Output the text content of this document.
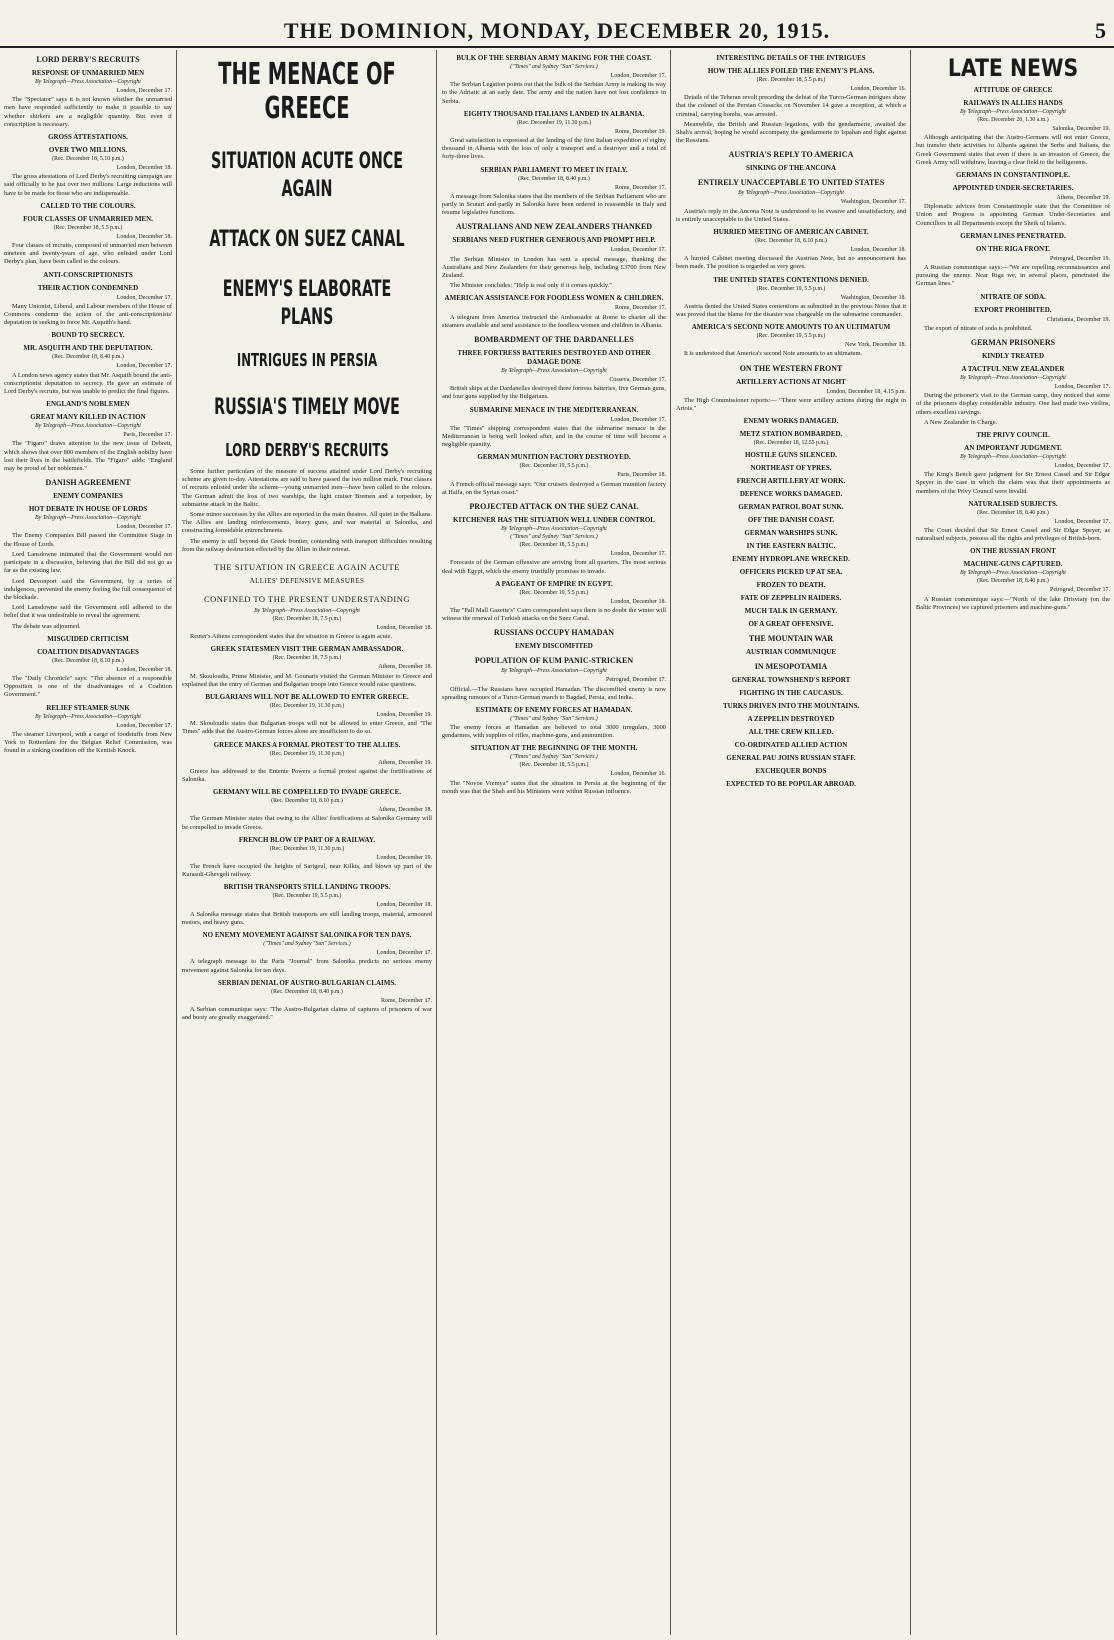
THE DOMINION, MONDAY, DECEMBER 20, 1915.	5
LORD DERBY'S RECRUITS
RESPONSE OF UNMARRIED MEN
By Telegraph—Press Association—Copyright
London, December 17.

The "Spectator" says it is not known whether the unmarried men have responded sufficiently to make it possible to say whether shirkers are a negligible quantity. But even if conscription is necessary.

GROSS ATTESTATIONS.
OVER TWO MILLIONS.
(Rec. December 18, 5.10 p.m.)
London, December 18.

The gross attestations of Lord Derby's recruiting campaign are said officially to be just over two millions. Large reductions will have to be made for those who are indispensable.

CALLED TO THE COLOURS.
FOUR CLASSES OF UNMARRIED MEN.
(Rec. December 18, 5.5 p.m.)
London, December 18.

Four classes of recruits, composed of unmarried men between nineteen and twenty-years of age, who enlisted under Lord Derby's plan, have been called to the colours.

ANTI-CONSCRIPTIONISTS
THEIR ACTION CONDEMNED
London, December 17.

Many Unionist, Liberal, and Labour members of the House of Commons condemn the action of the anti-conscriptionists' deputation in seeking to force Mr. Asquith's hand.

BOUND TO SECRECY.
MR. ASQUITH AND THE DEPUTATION.
(Rec. December 18, 8.40 p.m.)
London, December 17.

A London news agency states that Mr. Asquith bound the anti-conscriptionist deputation to secrecy. He gave an estimate of Lord Derby's recruits, but was unable to predict the final figures.

ENGLAND'S NOBLEMEN
GREAT MANY KILLED IN ACTION
By Telegraph—Press Association—Copyright
Paris, December 17.

The "Figaro" draws attention to the new issue of Debrett, which shows that over 800 members of the English nobility have lost their lives in the battlefields. The "Figaro" adds: "England may be proud of her noblemen."

DANISH AGREEMENT
ENEMY COMPANIES
HOT DEBATE IN HOUSE OF LORDS
By Telegraph—Press Association—Copyright
London, December 17.

The Enemy Companies Bill passed the Committee Stage in the House of Lords.

Lord Lansdowne intimated that the Government would not participate in a discussion, believing that the Bill did not go as far as the existing law.

Lord Devonport said the Government, by a series of indulgences, prevented the enemy feeling the full consequence of the blockade.

Lord Lansdowne said the Government still adhered to the belief that it was undesirable to reveal the agreement.

The debate was adjourned.

MISGUIDED CRITICISM
COALITION DISADVANTAGES
(Rec. December 18, 8.10 p.m.)
London, December 18.

The "Daily Chronicle" says: "The absence of a responsible Opposition is one of the disadvantages of a Coalition Government."

RELIEF STEAMER SUNK
By Telegraph—Press Association—Copyright
London, December 17.

The steamer Liverpool, with a cargo of foodstuffs from New York to Rotterdam for the Belgian Relief Commission, was found in a sinking condition off the Kentish Knock.

THE MENACE OF GREECE
SITUATION ACUTE ONCE AGAIN
ATTACK ON SUEZ CANAL
ENEMY'S ELABORATE PLANS
INTRIGUES IN PERSIA
RUSSIA'S TIMELY MOVE
LORD DERBY'S RECRUITS

Some further particulars of the measure of success attained under Lord Derby's recruiting scheme are given to-day. Attestations are said to have passed the two million mark. Four classes of recruits enlisted under the scheme—young unmarried men—have been called to the colours. The German admit the loss of two warships, the light cruiser Bremen and a torpedoer, by submarine attack in the Baltic.

Some minor successes by the Allies are reported in the main theatres. All quiet in the Balkans. The Allies are landing reinforcements, heavy guns, and war material at Salonika, and constructing formidable entrenchments.

The enemy is still beyond the Greek frontier, contending with transport difficulties resulting from the railway destruction effected by the Allies in their retreat.

THE SITUATION IN GREECE AGAIN ACUTE
ALLIES' DEFENSIVE MEASURES
CONFINED TO THE PRESENT UNDERSTANDING
By Telegraph—Press Association—Copyright
(Rec. December 18, 7.5 p.m.)
London, December 18.

Reuter's Athens correspondent states that the situation in Greece is again acute.

GREEK STATESMEN VISIT THE GERMAN AMBASSADOR.
(Rec. December 18, 7.5 p.m.)
Athens, December 18.

M. Skouloudis, Prime Minister, and M. Gounaris visited the German Minister to Greece and explained that the entry of German and Bulgarian troops into Greece would raise questions.

BULGARIANS WILL NOT BE ALLOWED TO ENTER GREECE.
(Rec. December 19, 11.30 p.m.)
London, December 19.

M. Skouloudis states that Bulgarian troops will not be allowed to enter Greece, and "The Times" adds that the Austro-German forces alone are insufficient to do so.

GREECE MAKES A FORMAL PROTEST TO THE ALLIES.
(Rec. December 19, 11.30 p.m.)
Athens, December 19.

Greece has addressed to the Entente Powers a formal protest against the fortifications of Salonika.

GERMANY WILL BE COMPELLED TO INVADE GREECE.
(Rec. December 18, 8.10 p.m.)
Athens, December 18.

The German Minister states that owing to the Allies' fortifications at Salonika Germany will be compelled to invade Greece.

FRENCH BLOW UP PART OF A RAILWAY.
(Rec. December 19, 11.30 p.m.)
London, December 19.

The French have occupied the heights of Sarigeul, near Kilkis, and blown up part of the Karasuli-Ghevgeli railway.

BRITISH TRANSPORTS STILL LANDING TROOPS.
(Rec. December 19, 5.5 p.m.)
London, December 18.

A Salonika message states that British transports are still landing troops, material, armoured motors, and heavy guns.

NO ENEMY MOVEMENT AGAINST SALONIKA FOR TEN DAYS.
("Times" and Sydney "Sun" Services.)
London, December 17.

A telegraph message to the Paris "Journal" from Salonika predicts no serious enemy movement against Salonika for ten days.

SERBIAN DENIAL OF AUSTRO-BULGARIAN CLAIMS.
(Rec. December 18, 8.40 p.m.)
Rome, December 17.

A Serbian communique says: "The Austro-Bulgarian claims of captures of prisoners of war and booty are greatly exaggerated."

BULK OF THE SERBIAN ARMY MAKING FOR THE COAST.
("Times" and Sydney "Sun" Services.)
London, December 17.

The Serbian Legation points out that the bulk of the Serbian Army is making its way to the Adriatic at an early date. The army and the nation have not lost confidence in Serbia.

EIGHTY THOUSAND ITALIANS LANDED IN ALBANIA.
(Rec. December 19, 11.30 p.m.)
Rome, December 19.

Great satisfaction is expressed at the landing of the first Italian expedition of eighty thousand in Albania with the loss of only a transport and a destroyer and a total of forty-three lives.

SERBIAN PARLIAMENT TO MEET IN ITALY.
(Rec. December 18, 8.40 p.m.)
Rome, December 17.

A message from Salonika states that the members of the Serbian Parliament who are partly in Scutari and partly in Salonika have been ordered to reassemble in Italy and resume legislative functions.

AUSTRALIANS AND NEW ZEALANDERS THANKED
SERBIANS NEED FURTHER GENEROUS AND PROMPT HELP.
London, December 17.

The Serbian Minister in London has sent a special message, thanking the Australians and New Zealanders for their generous help, including £3700 from New Zealand.

The Minister concludes: "Help is real only if it comes quickly."

AMERICAN ASSISTANCE FOR FOODLESS WOMEN & CHILDREN.
Rome, December 17.

A telegram from America instructed the Ambassador at Rome to charter all the steamers available and send assistance to the foodless women and children in Albania.

BOMBARDMENT OF THE DARDANELLES
THREE FORTRESS BATTERIES DESTROYED AND OTHER DAMAGE DONE
By Telegraph—Press Association—Copyright
Cosseva, December 17.

British ships at the Dardanelles destroyed three fortress batteries, five German guns, and four guns supplied by the Bulgarians.

SUBMARINE MENACE IN THE MEDITERRANEAN.
London, December 17.

The "Times" shipping correspondent states that the submarine menace in the Mediterranean is being well looked after, and in the course of time will become a negligible quantity.

GERMAN MUNITION FACTORY DESTROYED.
(Rec. December 19, 5.5 p.m.)
Paris, December 18.

A French official message says: "Our cruisers destroyed a German munition factory at Haifa, on the Syrian coast."

PROJECTED ATTACK ON THE SUEZ CANAL
KITCHENER HAS THE SITUATION WELL UNDER CONTROL
By Telegraph—Press Association—Copyright
("Times" and Sydney "Sun" Services.)
(Rec. December 18, 5.5 p.m.)
London, December 17.

Forecasts of the German offensive are arriving from all quarters. The most serious deal with Egypt, which the enemy trustfully promises to invade.

A PAGEANT OF EMPIRE IN EGYPT.
(Rec. December 19, 5.5 p.m.)
London, December 18.

The "Pall Mall Gazette's" Cairo correspondent says there is no doubt the winter will witness the renewal of Turkish attacks on the Suez Canal.

RUSSIANS OCCUPY HAMADAN
ENEMY DISCOMFITED
POPULATION OF KUM PANIC-STRICKEN
By Telegraph—Press Association—Copyright
Petrograd, December 17.

Official.—The Russians have occupied Hamadan. The discomfited enemy is now spreading rumours of a Turco-German march to Bagdad, Persia, and India.

ESTIMATE OF ENEMY FORCES AT HAMADAN.
("Times" and Sydney "Sun" Services.)

The enemy forces at Hamadan are believed to total 3000 irregulars, 3000 gendarmes, with supplies of rifles, machine-guns, and ammunition.

SITUATION AT THE BEGINNING OF THE MONTH.
("Times" and Sydney "Sun" Services.)
(Rec. December 18, 5.5 p.m.)
London, December 16.

The "Novoe Vremya" states that the situation in Persia at the beginning of the month was that the Shah and his Ministers were within Russian influence.

INTERESTING DETAILS OF THE INTRIGUES
HOW THE ALLIES FOILED THE ENEMY'S PLANS.
(Rec. December 18, 5.5 p.m.)
London, December 16.

Details of the Teheran revolt preceding the defeat of the Turco-German intrigues show that the colonel of the Persian Cossacks on November 14 gave a reception, at which a criminal, carrying bombs, was arrested.

Meanwhile, the British and Russian legations, with the gendarmerie, awaited the Shah's arrival, hoping he would accompany the gendarmerie to Ispahan and fight against the Russians.

AUSTRIA'S REPLY TO AMERICA
SINKING OF THE ANCONA
ENTIRELY UNACCEPTABLE TO UNITED STATES
By Telegraph—Press Association—Copyright
Washington, December 17.

Austria's reply to the Ancona Note is understood to be evasive and unsatisfactory, and is entirely unacceptable to the United States.

HURRIED MEETING OF AMERICAN CABINET.
(Rec. December 18, 8.10 p.m.)
London, December 18.

A hurried Cabinet meeting discussed the Austrian Note, but no announcement has been made. The position is regarded as very grave.

THE UNITED STATES CONTENTIONS DENIED.
(Rec. December 19, 5.5 p.m.)
Washington, December 18.

Austria denied the United States contentions as submitted in the previous Notes that it was proved that the blame for the disaster was chargeable on the submarine commander.

AMERICA'S SECOND NOTE AMOUNTS TO AN ULTIMATUM
(Rec. December 19, 5.5 p.m.)
New York, December 18.

It is understood that America's second Note amounts to an ultimatum.

ON THE WESTERN FRONT
ARTILLERY ACTIONS AT NIGHT
London, December 18, 4.15 p.m.

The High Commissioner reports:— "There were artillery actions during the night in Artois."

ENEMY WORKS DAMAGED.
METZ STATION BOMBARDED.
(Rec. December 18, 12.55 p.m.)
HOSTILE GUNS SILENCED.
NORTHEAST OF YPRES.
FRENCH ARTILLERY AT WORK.
DEFENCE WORKS DAMAGED.
GERMAN PATROL BOAT SUNK.
OFF THE DANISH COAST.
GERMAN WARSHIPS SUNK.
IN THE EASTERN BALTIC.
ENEMY HYDROPLANE WRECKED.
OFFICERS PICKED UP AT SEA.
FROZEN TO DEATH.
FATE OF ZEPPELIN RAIDERS.
MUCH TALK IN GERMANY.
OF A GREAT OFFENSIVE.
THE MOUNTAIN WAR
AUSTRIAN COMMUNIQUE
IN MESOPOTAMIA
GENERAL TOWNSHEND'S REPORT
FIGHTING IN THE CAUCASUS.
TURKS DRIVEN INTO THE MOUNTAINS.
A ZEPPELIN DESTROYED
ALL THE CREW KILLED.
CO-ORDINATED ALLIED ACTION
GENERAL PAU JOINS RUSSIAN STAFF.
EXCHEQUER BONDS
EXPECTED TO BE POPULAR ABROAD.
LATE NEWS
ATTITUDE OF GREECE
RAILWAYS IN ALLIES HANDS
By Telegraph—Press Association—Copyright
(Rec. December 20, 1.30 a.m.)
Salonika, December 19.

Although anticipating that the Austro-Germans will not enter Greece, but transfer their activities to Albania against the Serbs and Italians, the Greek Government states that even if there is an invasion of Greece, the Greek Army will withdraw, leaving a clear field to the belligerents.

GERMANS IN CONSTANTINOPLE.
APPOINTED UNDER-SECRETARIES.
Athens, December 19.

Diplomatic advices from Constantinople state that the Committee of Union and Progress is appointing German Under-Secretaries and Councillors in all Departments except the Sheik ul Islam's.

GERMAN LINES PENETRATED.
ON THE RIGA FRONT.
Petrograd, December 19.

A Russian communique says:—"We are repelling reconnaissances and pursuing the enemy. Near Riga we, in several places, penetrated the German lines."

NITRATE OF SODA.
EXPORT PROHIBITED.
Christiania, December 19.

The export of nitrate of soda is prohibited.

GERMAN PRISONERS
KINDLY TREATED
A TACTFUL NEW ZEALANDER
By Telegraph—Press Association—Copyright
London, December 17.

During the prisoner's visit to the German camp, they noticed that some of the prisoners display considerable industry. One had made two violins, others excellent carvings.

A New Zealander in Charge.

THE PRIVY COUNCIL
AN IMPORTANT JUDGMENT.
By Telegraph—Press Association—Copyright
London, December 17.

The King's Bench gave judgment for Sir Ernest Cassel and Sir Edgar Speyer in the case in which the claim was that their appointments as members of the Privy Council were invalid.

NATURALISED SUBJECTS.
(Rec. December 18, 8.40 p.m.)
London, December 17.

The Court decided that Sir Ernest Cassel and Sir Edgar Speyer, as naturalised subjects, possess all the rights and privileges of British-born.

ON THE RUSSIAN FRONT
MACHINE-GUNS CAPTURED.
By Telegraph—Press Association—Copyright
(Rec. December 18, 8.40 p.m.)
Petrograd, December 17.

A Russian communique says:—"North of the lake Drisviaty (on the Baltic Provinces) we captured prisoners and machine-guns."
